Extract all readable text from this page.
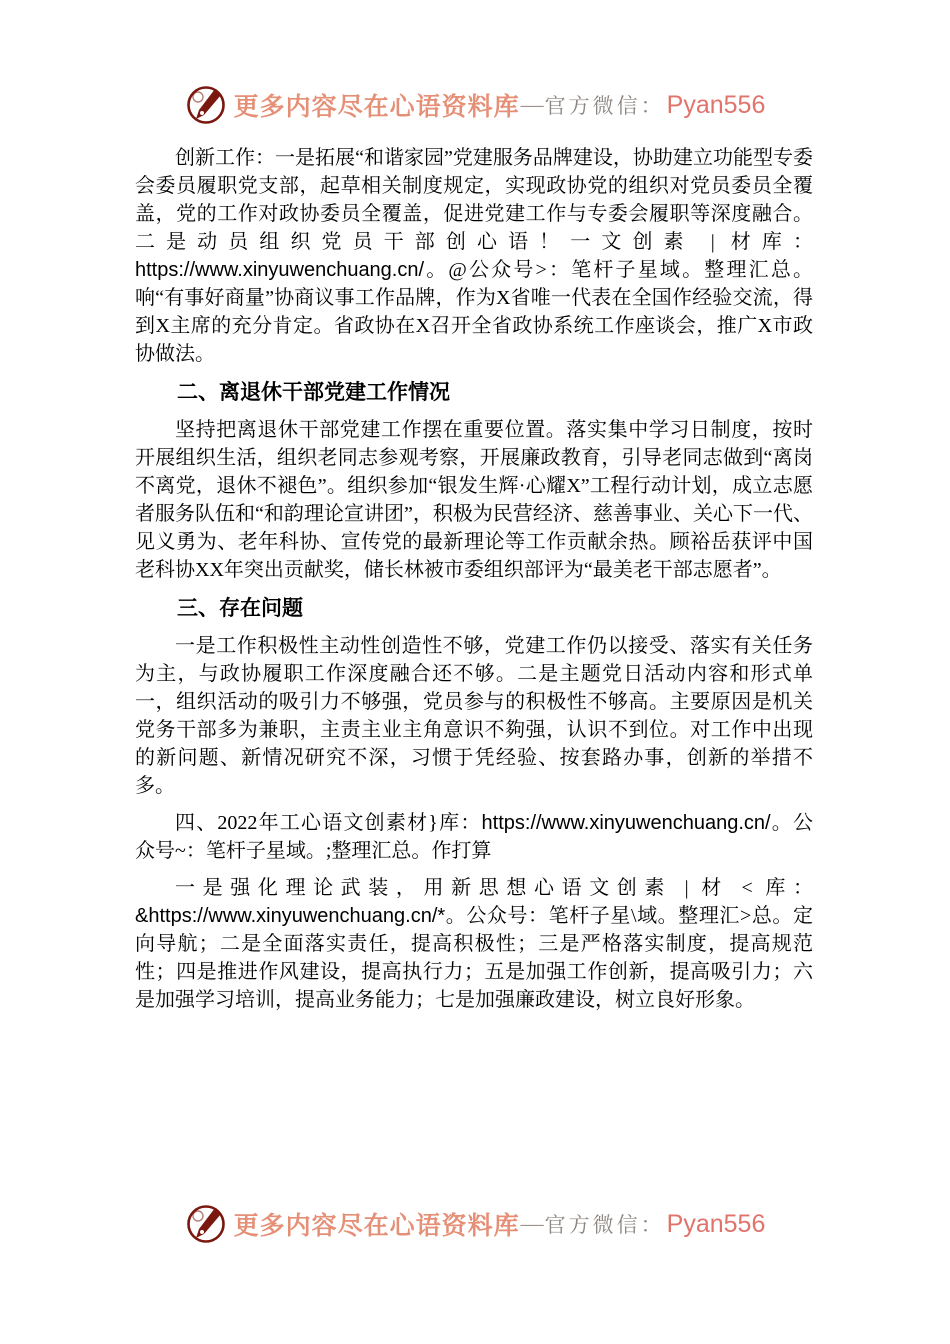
更多内容尽在心语资料库 — 官方微信： Pyan556

创新工作：一是拓展“和谐家园”党建服务品牌建设，协助建立功能型专委会委员履职党支部，起草相关制度规定，实现政协党的组织对党员委员全覆盖，党的工作对政协委员全覆盖，促进党建工作与专委会履职等深度融合。二是动员组织党员干部创心语！一文创素 | 材库： https://www.xinyuwenchuang.cn/。@公众号>：笔杆子星域。整理汇总。响“有事好商量”协商议事工作品牌，作为X省唯一代表在全国作经验交流，得到X主席的充分肯定。省政协在X召开全省政协系统工作座谈会，推广X市政协做法。

二、离退休干部党建工作情况

坚持把离退休干部党建工作摆在重要位置。落实集中学习日制度，按时开展组织生活，组织老同志参观考察，开展廉政教育，引导老同志做到“离岗不离党，退休不褪色”。组织参加“银发生辉·心耀X”工程行动计划，成立志愿者服务队伍和“和韵理论宣讲团”，积极为民营经济、慈善事业、关心下一代、见义勇为、老年科协、宣传党的最新理论等工作贡献余热。顾裕岳获评中国老科协XX年突出贡献奖，储长林被市委组织部评为“最美老干部志愿者”。

三、存在问题

一是工作积极性主动性创造性不够，党建工作仍以接受、落实有关任务为主，与政协履职工作深度融合还不够。二是主题党日活动内容和形式单一，组织活动的吸引力不够强，党员参与的积极性不够高。主要原因是机关党务干部多为兼职，主责主业主角意识不夠强，认识不到位。对工作中出现的新问题、新情况研究不深，习惯于凭经验、按套路办事，创新的举措不多。

四、2022年工心语文创素材}库：https://www.xinyuwenchuang.cn/。公众号~：笔杆子星域。;整理汇总。作打算

一是强化理论武装，用新思想心语文创素 | 材 < 库： &https://www.xinyuwenchuang.cn/*。公众号：笔杆子星\域。整理汇>总。定向导航；二是全面落实责任，提高积极性；三是严格落实制度，提高规范性；四是推进作风建设，提高执行力；五是加强工作创新，提高吸引力；六是加强学习培训，提高业务能力；七是加强廉政建设，树立良好形象。

更多内容尽在心语资料库 — 官方微信： Pyan556
